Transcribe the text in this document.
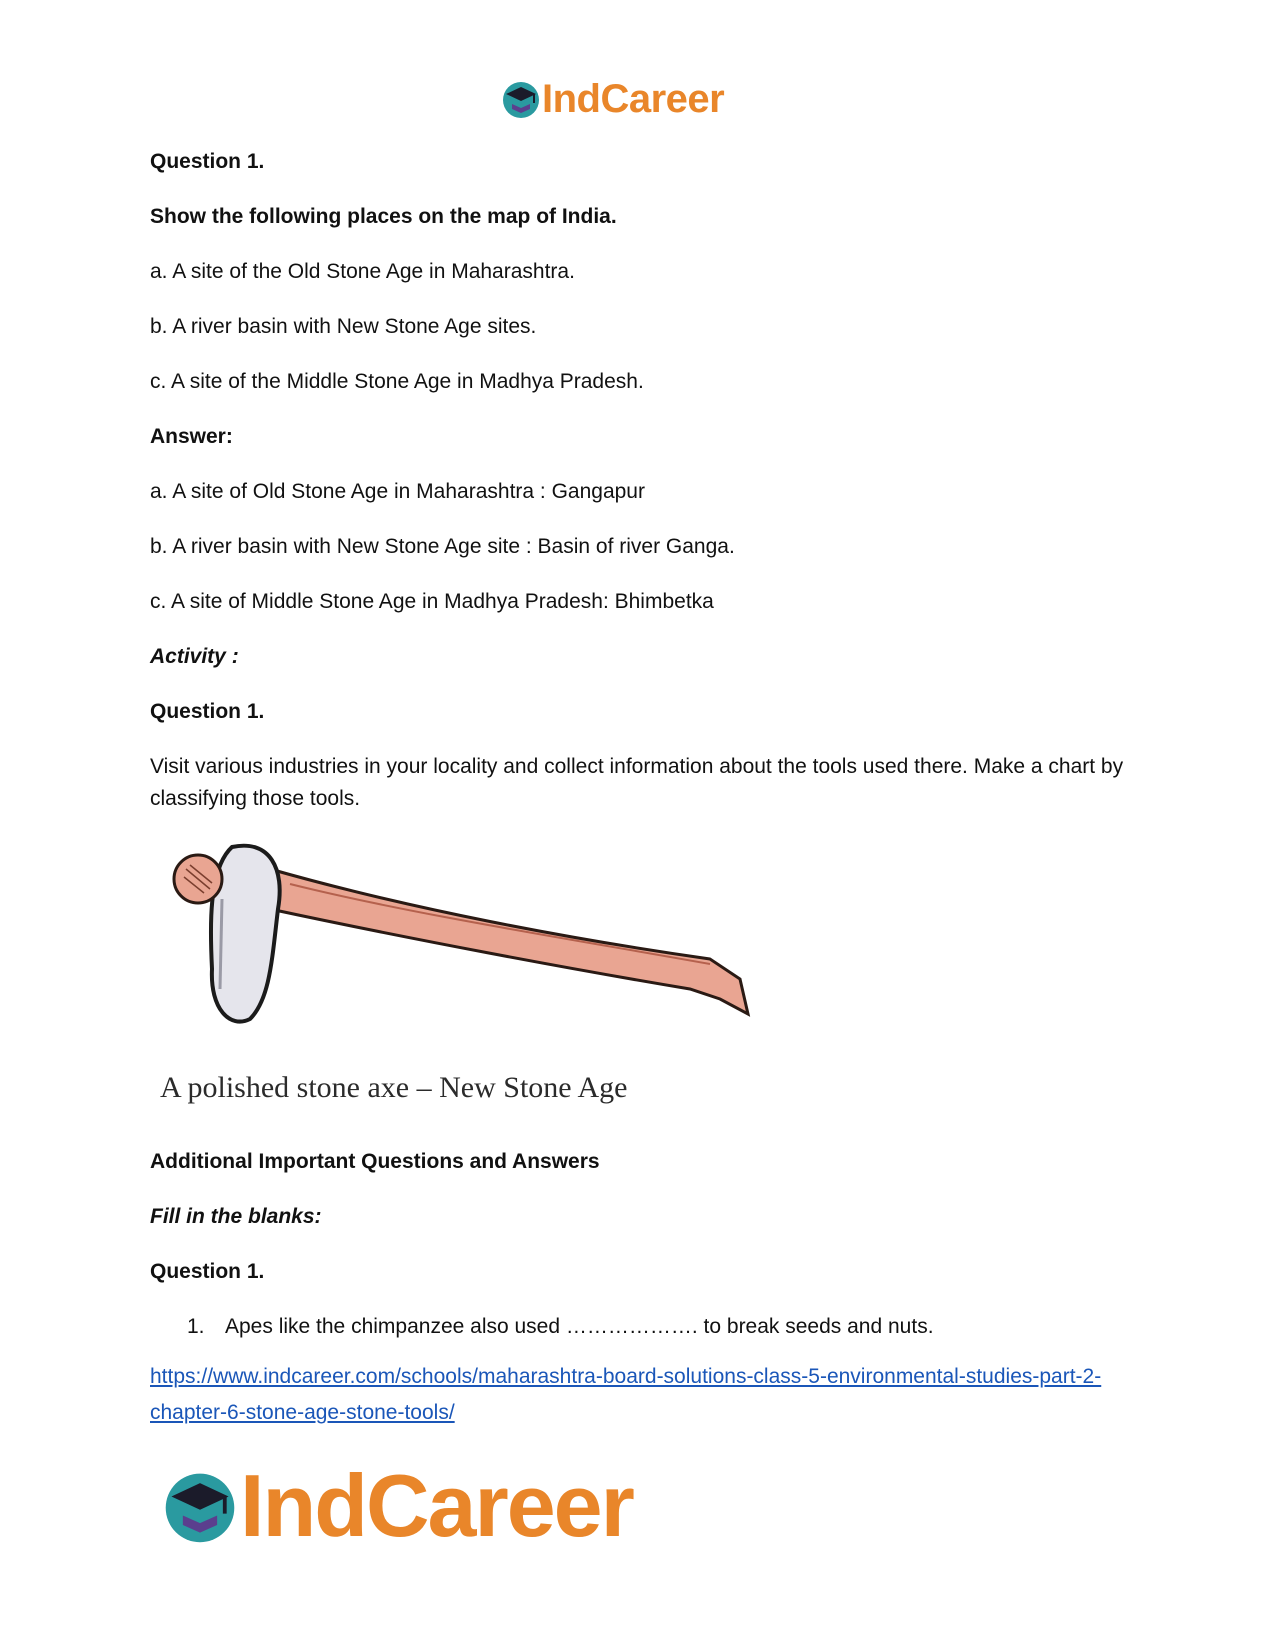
IndCareer

Question 1.

Show the following places on the map of India.

a. A site of the Old Stone Age in Maharashtra.

b. A river basin with New Stone Age sites.

c. A site of the Middle Stone Age in Madhya Pradesh.

Answer:

a. A site of Old Stone Age in Maharashtra : Gangapur

b. A river basin with New Stone Age site : Basin of river Ganga.

c. A site of Middle Stone Age in Madhya Pradesh: Bhimbetka

Activity :

Question 1.

Visit various industries in your locality and collect information about the tools used there. Make a chart by classifying those tools.

A polished stone axe – New Stone Age

Additional Important Questions and Answers

Fill in the blanks:

Question 1.

1. Apes like the chimpanzee also used ………………. to break seeds and nuts.

https://www.indcareer.com/schools/maharashtra-board-solutions-class-5-environmental-studies-part-2-chapter-6-stone-age-stone-tools/
IndCareer
